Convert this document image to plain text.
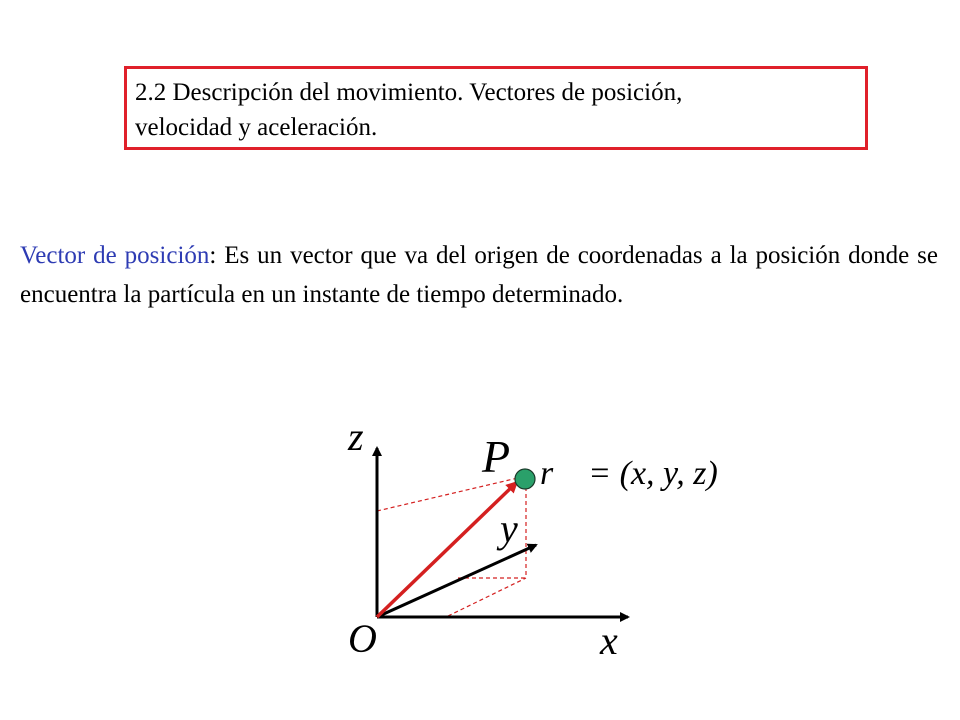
2.2 Descripción del movimiento. Vectores de posición,
velocidad y aceleración.
Vector de posición: Es un vector que va del origen de coordenadas a la posición donde se encuentra la partícula en un instante de tiempo determinado.
z	P
y
O	x
r⃗ = (x, y, z)
